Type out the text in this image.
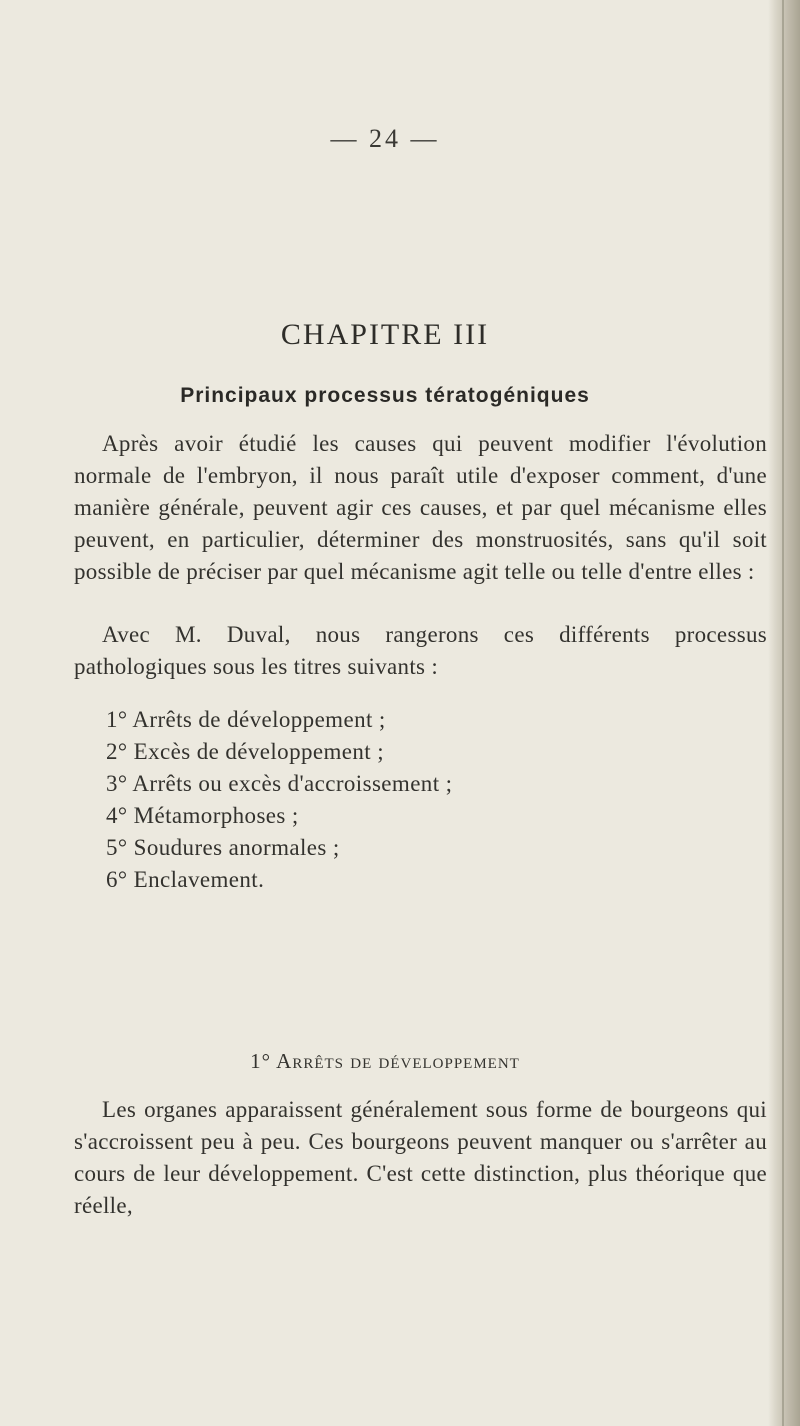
— 24 —
CHAPITRE III
Principaux processus tératogéniques

Après avoir étudié les causes qui peuvent modifier l'évolution normale de l'embryon, il nous paraît utile d'exposer comment, d'une manière générale, peuvent agir ces causes, et par quel mécanisme elles peuvent, en particulier, déterminer des monstruosités, sans qu'il soit possible de préciser par quel mécanisme agit telle ou telle d'entre elles :

Avec M. Duval, nous rangerons ces différents processus pathologiques sous les titres suivants :

1° Arrêts de développement ;
2° Excès de développement ;
3° Arrêts ou excès d'accroissement ;
4° Métamorphoses ;
5° Soudures anormales ;
6° Enclavement.
1° Arrêts de développement

Les organes apparaissent généralement sous forme de bourgeons qui s'accroissent peu à peu. Ces bourgeons peuvent manquer ou s'arrêter au cours de leur développement. C'est cette distinction, plus théorique que réelle,
